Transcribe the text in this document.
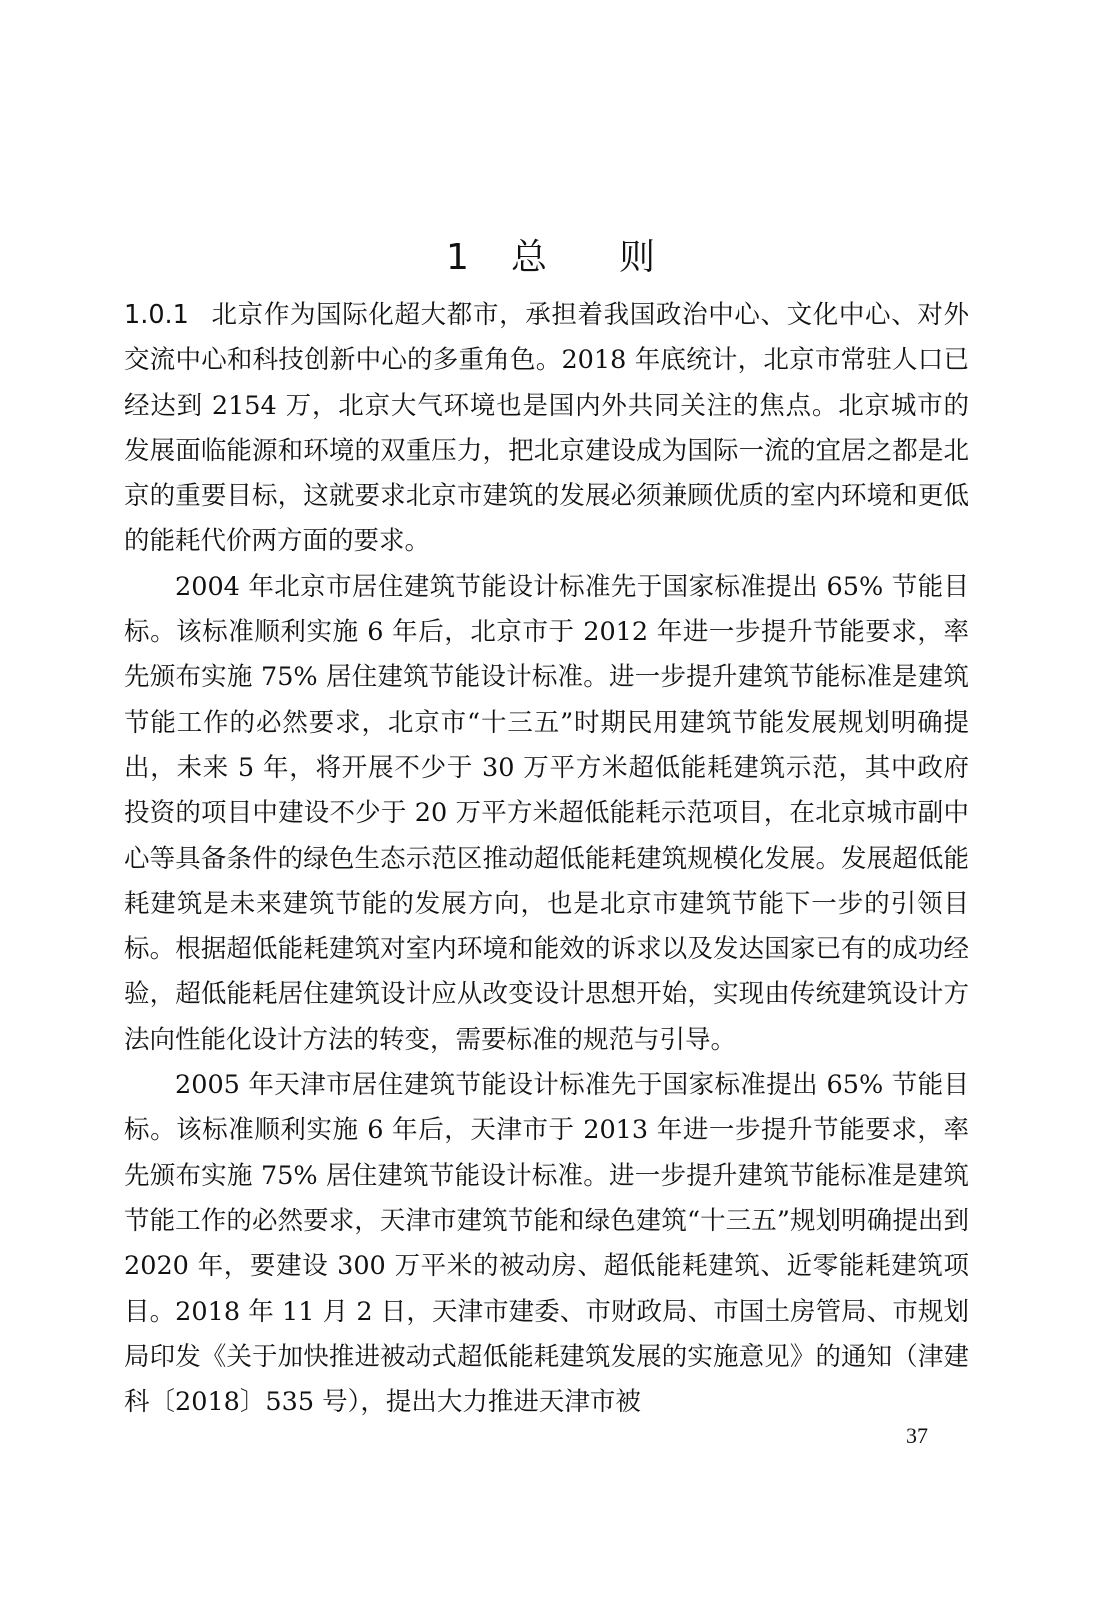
1 总 则

1.0.1 北京作为国际化超大都市，承担着我国政治中心、文化中心、对外交流中心和科技创新中心的多重角色。2018 年底统计，北京市常驻人口已经达到 2154 万，北京大气环境也是国内外共同关注的焦点。北京城市的发展面临能源和环境的双重压力，把北京建设成为国际一流的宜居之都是北京的重要目标，这就要求北京市建筑的发展必须兼顾优质的室内环境和更低的能耗代价两方面的要求。

2004 年北京市居住建筑节能设计标准先于国家标准提出 65% 节能目标。该标准顺利实施 6 年后，北京市于 2012 年进一步提升节能要求，率先颁布实施 75% 居住建筑节能设计标准。进一步提升建筑节能标准是建筑节能工作的必然要求，北京市“十三五”时期民用建筑节能发展规划明确提出，未来 5 年，将开展不少于 30 万平方米超低能耗建筑示范，其中政府投资的项目中建设不少于 20 万平方米超低能耗示范项目，在北京城市副中心等具备条件的绿色生态示范区推动超低能耗建筑规模化发展。发展超低能耗建筑是未来建筑节能的发展方向，也是北京市建筑节能下一步的引领目标。根据超低能耗建筑对室内环境和能效的诉求以及发达国家已有的成功经验，超低能耗居住建筑设计应从改变设计思想开始，实现由传统建筑设计方法向性能化设计方法的转变，需要标准的规范与引导。

2005 年天津市居住建筑节能设计标准先于国家标准提出 65% 节能目标。该标准顺利实施 6 年后，天津市于 2013 年进一步提升节能要求，率先颁布实施 75% 居住建筑节能设计标准。进一步提升建筑节能标准是建筑节能工作的必然要求，天津市建筑节能和绿色建筑“十三五”规划明确提出到 2020 年，要建设 300 万平米的被动房、超低能耗建筑、近零能耗建筑项目。2018 年 11 月 2 日，天津市建委、市财政局、市国土房管局、市规划局印发《关于加快推进被动式超低能耗建筑发展的实施意见》的通知（津建科〔2018〕535 号），提出大力推进天津市被

37
